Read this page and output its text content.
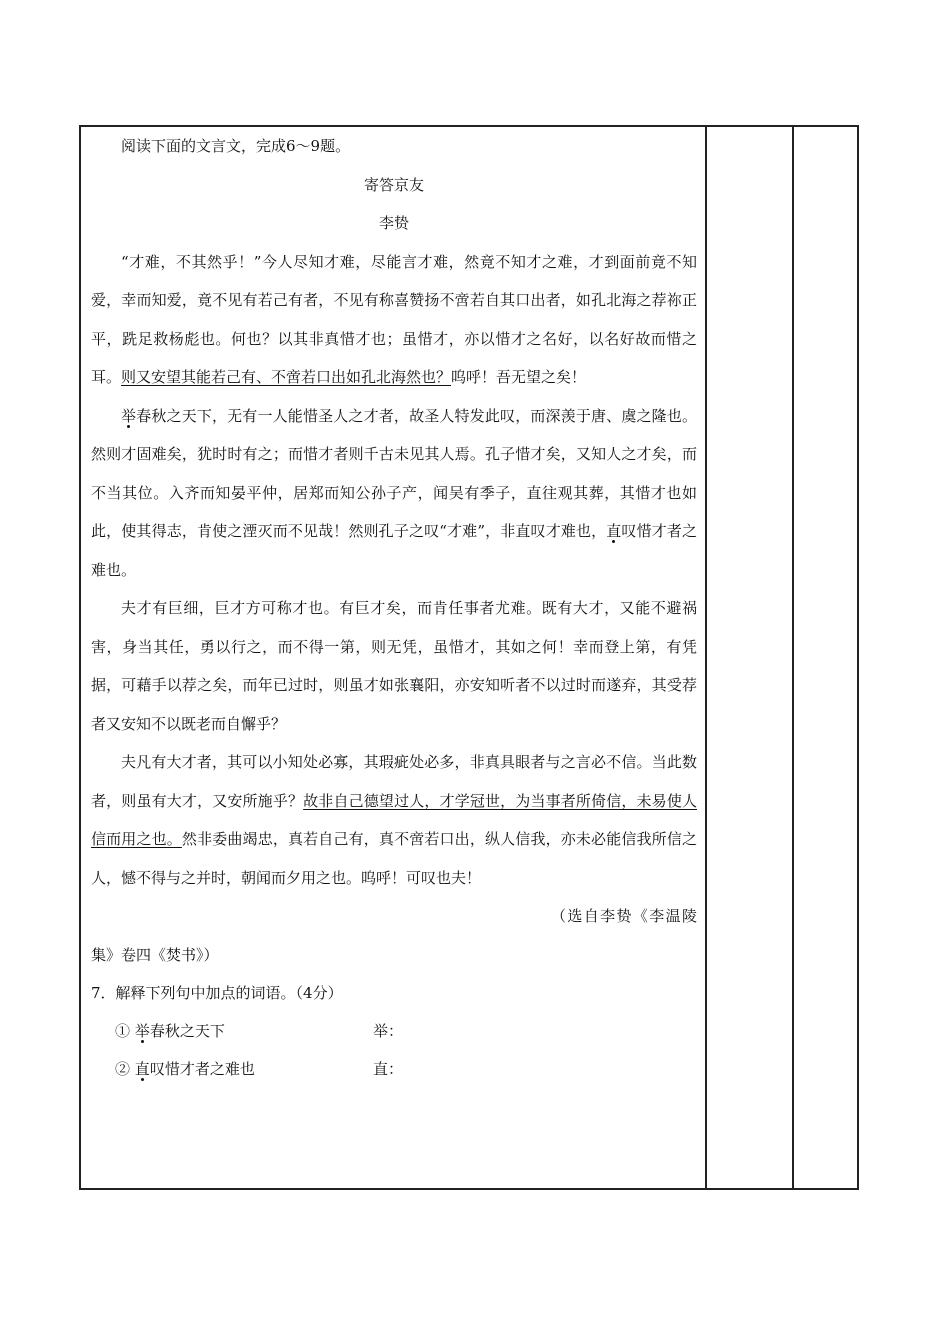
阅读下面的文言文，完成6～9题。

寄答京友

李贽

“才难，不其然乎！”今人尽知才难，尽能言才难，然竟不知才之难，才到面前竟不知爱，幸而知爱，竟不见有若己有者，不见有称喜赞扬不啻若自其口出者，如孔北海之荐祢正平，跣足救杨彪也。何也？以其非真惜才也；虽惜才，亦以惜才之名好，以名好故而惜之耳。则又安望其能若己有、不啻若口出如孔北海然也？呜呼！吾无望之矣！

举春秋之天下，无有一人能惜圣人之才者，故圣人特发此叹，而深羡于唐、虞之隆也。然则才固难矣，犹时时有之；而惜才者则千古未见其人焉。孔子惜才矣，又知人之才矣，而不当其位。入齐而知晏平仲，居郑而知公孙子产，闻吴有季子，直往观其葬，其惜才也如此，使其得志，肯使之湮灭而不见哉！然则孔子之叹“才难”，非直叹才难也，直叹惜才者之难也。

夫才有巨细，巨才方可称才也。有巨才矣，而肯任事者尤难。既有大才，又能不避祸害，身当其任，勇以行之，而不得一第，则无凭，虽惜才，其如之何！幸而登上第，有凭据，可藉手以荐之矣，而年已过时，则虽才如张襄阳，亦安知听者不以过时而遂弃，其受荐者又安知不以既老而自懈乎？

夫凡有大才者，其可以小知处必寡，其瑕疵处必多，非真具眼者与之言必不信。当此数者，则虽有大才，又安所施乎？故非自己德望过人，才学冠世，为当事者所倚信，未易使人信而用之也。然非委曲竭忠，真若自己有，真不啻若口出，纵人信我，亦未必能信我所信之人，憾不得与之并时，朝闻而夕用之也。呜呼！可叹也夫！

（选自李贽《李温陵集》卷四《焚书》）

7．解释下列句中加点的词语。（4分）

① 举春秋之天下	举：
② 直叹惜才者之难也	直：
